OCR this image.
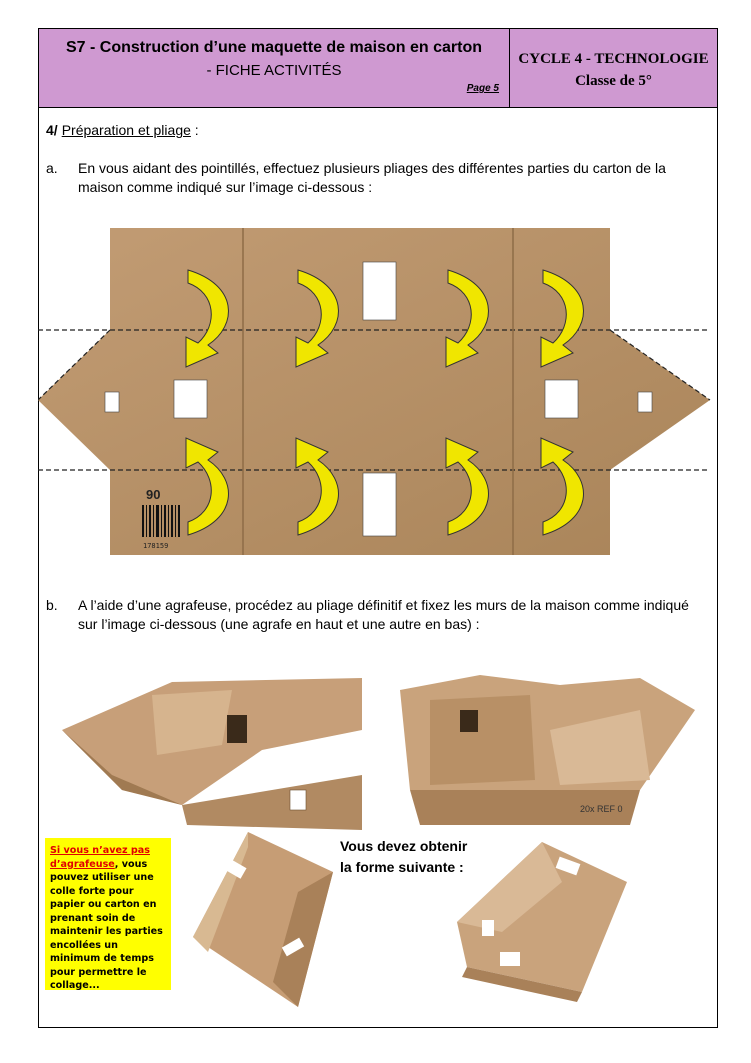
S7 - Construction d’une maquette de maison en carton
- FICHE ACTIVITÉS
Page 5
CYCLE 4 - TECHNOLOGIE
Classe de 5°
4/ Préparation et pliage :
a. En vous aidant des pointillés, effectuez plusieurs pliages des différentes parties du carton de la maison comme indiqué sur l’image ci-dessous :
90
178159
b. A l’aide d’une agrafeuse, procédez au pliage définitif et fixez les murs de la maison comme indiqué sur l’image ci-dessous (une agrafe en haut et une autre en bas) :
20x REF 0
Si vous n’avez pas d’agrafeuse, vous pouvez utiliser une colle forte pour papier ou carton en prenant soin de maintenir les parties encollées un minimum de temps pour permettre le collage...
Vous devez obtenir
la forme suivante :
